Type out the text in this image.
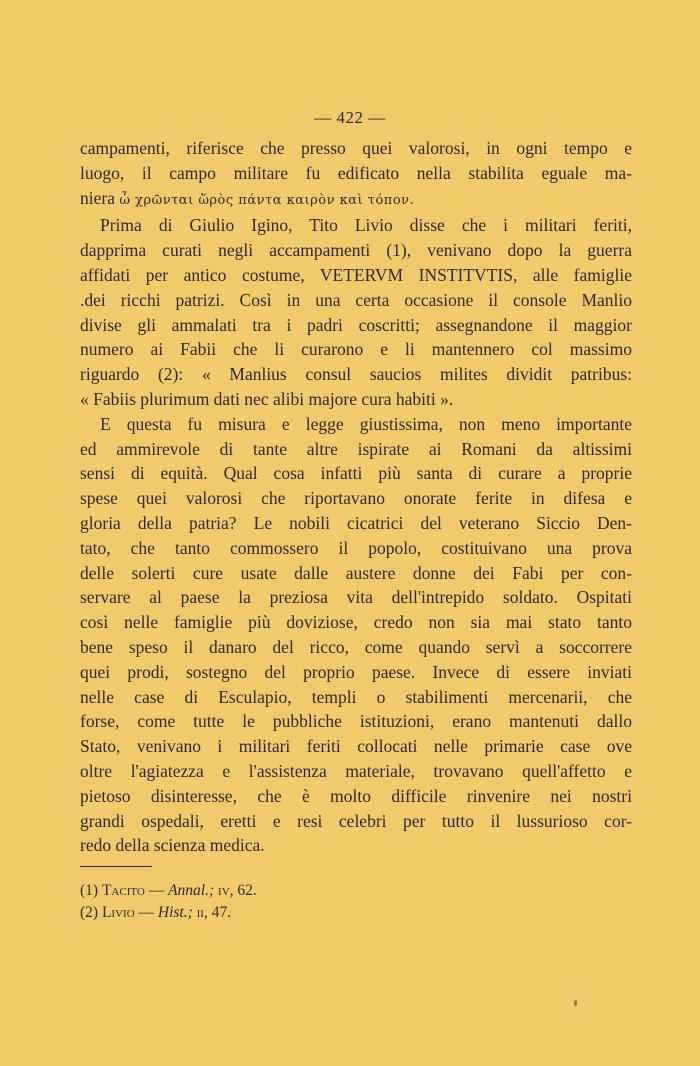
— 422 —
campamenti, riferisce che presso quei valorosi, in ogni tempo e
luogo, il campo militare fu edificato nella stabilita eguale ma-
niera ὦ χρῶνται ὥρὸς πάντα καιρὸν καὶ τόπον.
Prima di Giulio Igino, Tito Livio disse che i militari feriti,
dapprima curati negli accampamenti (1), venivano dopo la guerra
affidati per antico costume, VETERVM INSTITVTIS, alle famiglie
.dei ricchi patrizi. Così in una certa occasione il console Manlio
divise gli ammalati tra i padri coscritti; assegnandone il maggior
numero ai Fabii che li curarono e li mantennero col massimo
riguardo (2): « Manlius consul saucios milites dividit patribus:
« Fabiis plurimum dati nec alibi majore cura habiti ».
E questa fu misura e legge giustissima, non meno importante
ed ammirevole di tante altre ispirate ai Romani da altissimi
sensi di equità. Qual cosa infatti più santa di curare a proprie
spese quei valorosi che riportavano onorate ferite in difesa e
gloria della patria? Le nobili cicatrici del veterano Siccio Den-
tato, che tanto commossero il popolo, costituivano una prova
delle solerti cure usate dalle austere donne dei Fabi per con-
servare al paese la preziosa vita dell'intrepido soldato. Ospitati
così nelle famiglie più doviziose, credo non sia mai stato tanto
bene speso il danaro del ricco, come quando servì a soccorrere
quei prodi, sostegno del proprio paese. Invece di essere inviati
nelle case di Esculapio, templi o stabilimenti mercenarii, che
forse, come tutte le pubbliche istituzioni, erano mantenuti dallo
Stato, venivano i militari feriti collocati nelle primarie case ove
oltre l'agiatezza e l'assistenza materiale, trovavano quell'affetto e
pietoso disinteresse, che è molto difficile rinvenire nei nostri
grandi ospedali, eretti e resi celebri per tutto il lussurioso cor-
redo della scienza medica.
(1) Tacito — Annal.; iv, 62.
(2) Livio — Hist.; ii, 47.
